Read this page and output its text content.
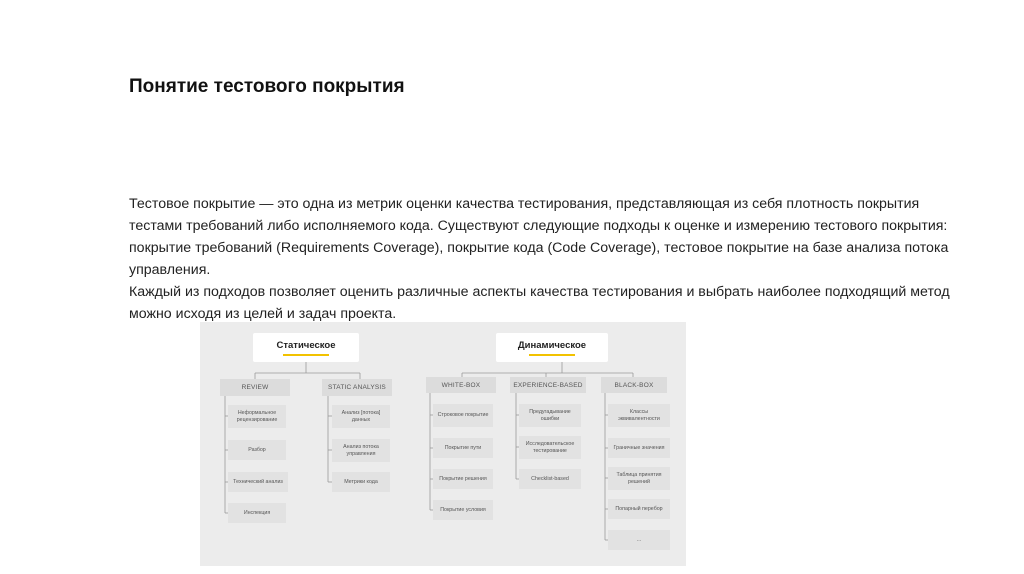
Понятие тестового покрытия

Тестовое покрытие — это одна из метрик оценки качества тестирования, представляющая из себя плотность покрытия тестами требований либо исполняемого кода. Существуют следующие подходы к оценке и измерению тестового покрытия: покрытие требований (Requirements Coverage), покрытие кода (Code Coverage), тестовое покрытие на базе анализа потока управления.

Каждый из подходов позволяет оценить различные аспекты качества тестирования и выбрать наиболее подходящий метод можно исходя из целей и задач проекта.

Статическое	Динамическое
REVIEW	STATIC ANALYSIS
Неформальное рецензирование
Разбор
Технический анализ
Инспекция
Анализ [потока] данных
Анализ потока управления
Метрики кода
WHITE-BOX	EXPERIENCE-BASED	BLACK-BOX
Строковое покрытие
Покрытие пути
Покрытие решения
Покрытие условия
Предугадывание ошибки
Исследовательское тестирование
Checklist-based
Классы эквивалентности
Граничные значения
Таблица принятия решений
Попарный перебор
...
